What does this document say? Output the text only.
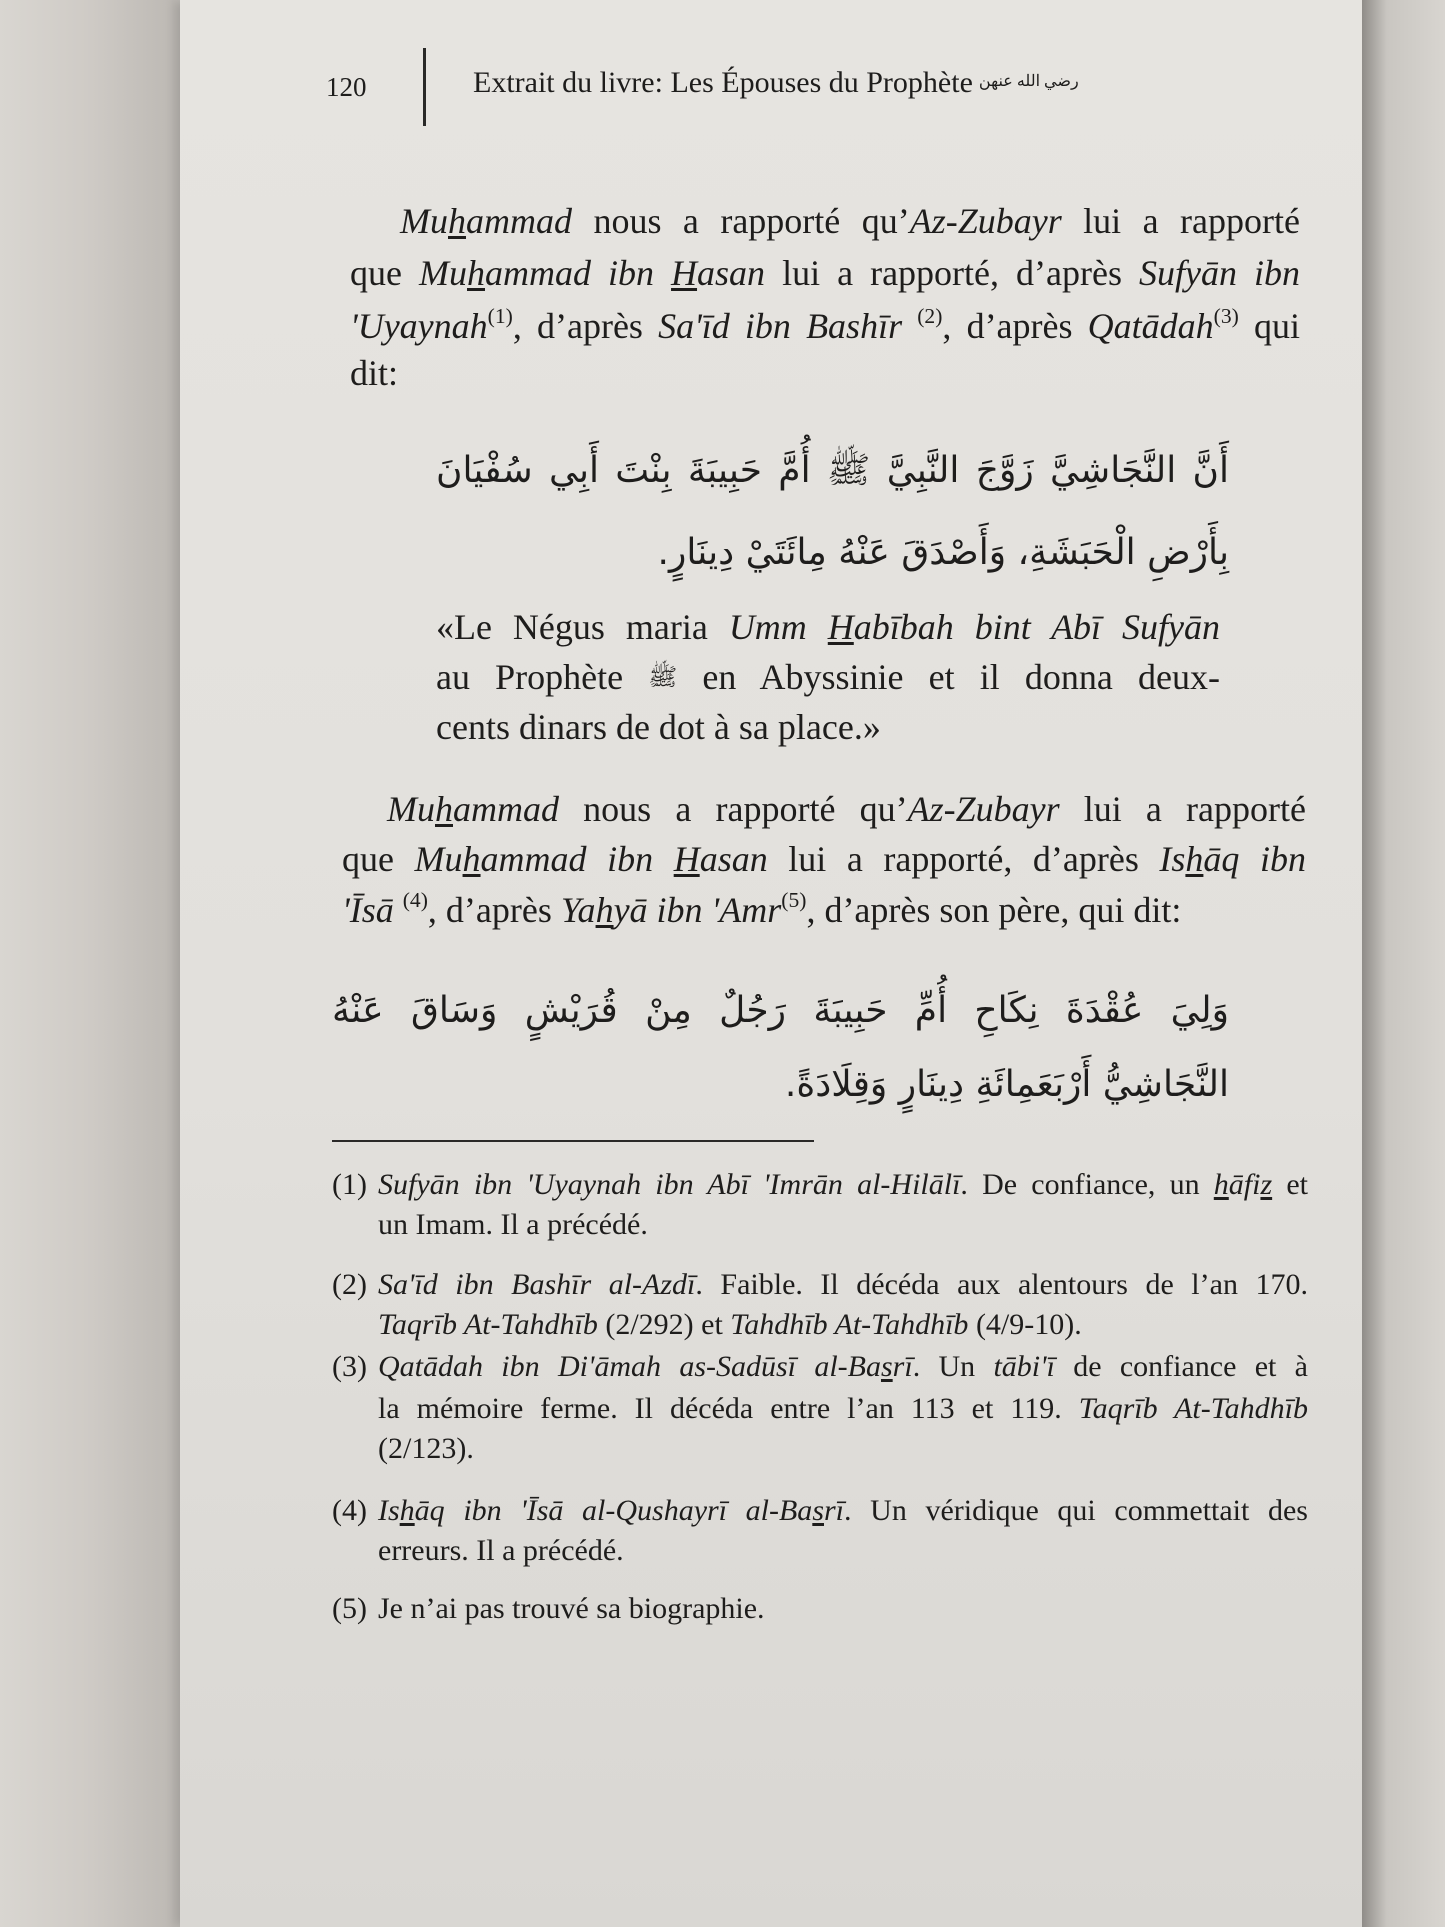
120	Extrait du livre: Les Épouses du Prophète $^{رضي الله عنهن}$
Muhammad nous a rapporté qu’Az-Zubayr lui a rapporté
que Muhammad ibn Hasan lui a rapporté, d’après Sufyān ibn
'Uyaynah$^{(1)}$, d’après Sa'īd ibn Bashīr $^{(2)}$, d’après Qatādah$^{(3)}$ qui
dit:
أَنَّ النَّجَاشِيَّ زَوَّجَ النَّبِيَّ ﷺ أُمَّ حَبِيبَةَ بِنْتَ أَبِي سُفْيَانَ
بِأَرْضِ الْحَبَشَةِ، وَأَصْدَقَ عَنْهُ مِائَتَيْ دِينَارٍ.
«Le Négus maria Umm Habībah bint Abī Sufyān
au Prophète ﷺ en Abyssinie et il donna deux-
cents dinars de dot à sa place.»
Muhammad nous a rapporté qu’Az-Zubayr lui a rapporté
que Muhammad ibn Hasan lui a rapporté, d’après Ishāq ibn
'Īsā $^{(4)}$, d’après Yahyā ibn 'Amr$^{(5)}$, d’après son père, qui dit:
وَلِيَ عُقْدَةَ نِكَاحِ أُمِّ حَبِيبَةَ رَجُلٌ مِنْ قُرَيْشٍ وَسَاقَ عَنْهُ
النَّجَاشِيُّ أَرْبَعَمِائَةِ دِينَارٍ وَقِلَادَةً.
(1) Sufyān ibn 'Uyaynah ibn Abī 'Imrān al-Hilālī. De confiance, un hāfiz et
un Imam. Il a précédé.
(2) Sa'īd ibn Bashīr al-Azdī. Faible. Il décéda aux alentours de l’an 170.
Taqrīb At-Tahdhīb (2/292) et Tahdhīb At-Tahdhīb (4/9-10).
(3) Qatādah ibn Di'āmah as-Sadūsī al-Basrī. Un tābi'ī de confiance et à
la mémoire ferme. Il décéda entre l’an 113 et 119. Taqrīb At-Tahdhīb
(2/123).
(4) Ishāq ibn 'Īsā al-Qushayrī al-Basrī. Un véridique qui commettait des
erreurs. Il a précédé.
(5) Je n’ai pas trouvé sa biographie.
